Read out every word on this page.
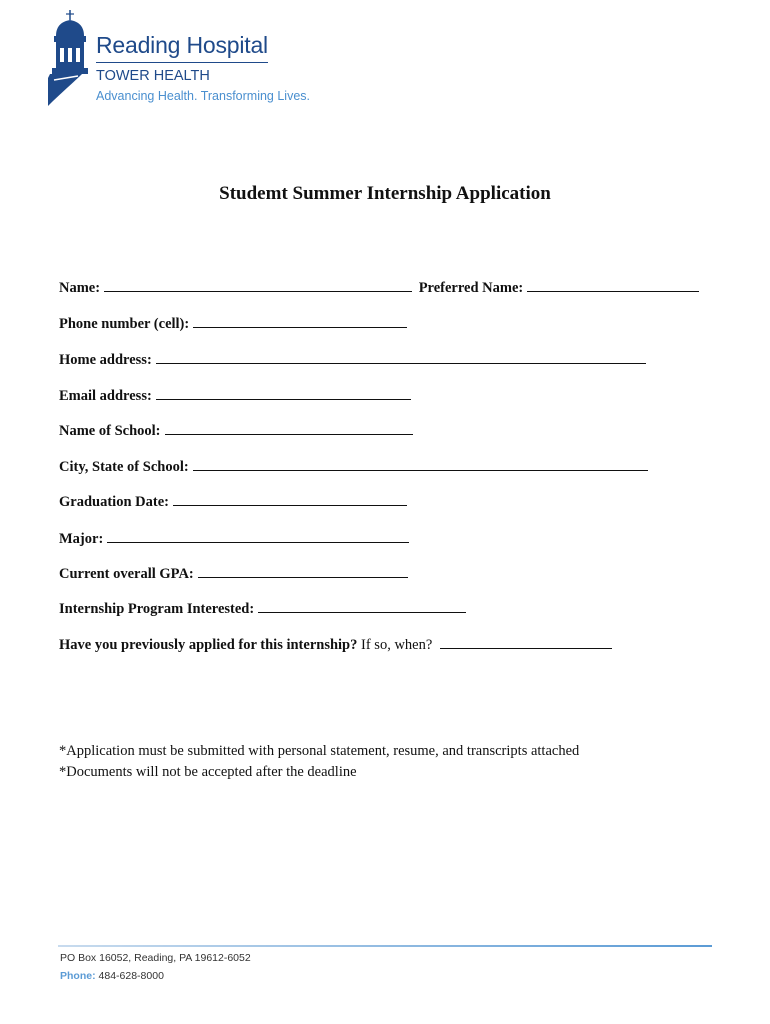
Reading Hospital
TOWER HEALTH
Advancing Health. Transforming Lives.
Studemt Summer Internship Application
Name:	Preferred Name:
Phone number (cell):
Home address:
Email address:
Name of School:
City, State of School:
Graduation Date:
Major:
Current overall GPA:
Internship Program Interested:
Have you previously applied for this internship? If so, when?
*Application must be submitted with personal statement, resume, and transcripts attached
*Documents will not be accepted after the deadline
PO Box 16052, Reading, PA 19612-6052
Phone: 484-628-8000
